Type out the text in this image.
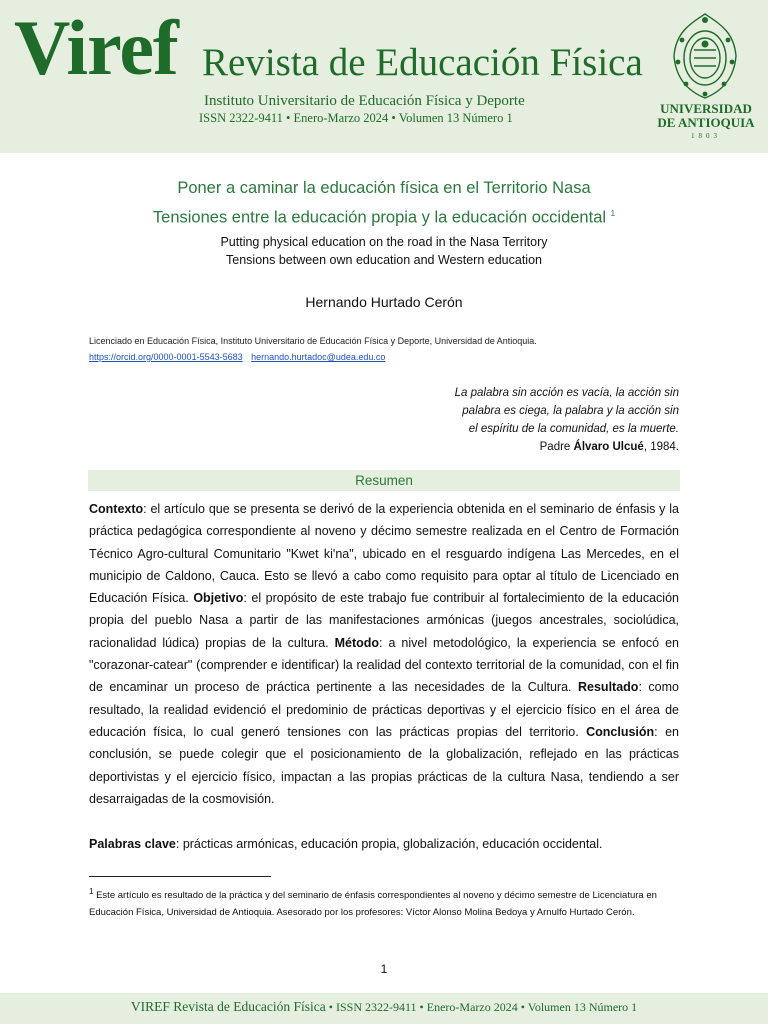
Viref Revista de Educación Física
Instituto Universitario de Educación Física y Deporte
ISSN 2322-9411 • Enero-Marzo 2024 • Volumen 13 Número 1
UNIVERSIDAD
DE ANTIOQUIA
1803
Poner a caminar la educación física en el Territorio Nasa
Tensiones entre la educación propia y la educación occidental $^1$
Putting physical education on the road in the Nasa Territory
Tensions between own education and Western education
Hernando Hurtado Cerón
Licenciado en Educación Física, Instituto Universitario de Educación Física y Deporte, Universidad de Antioquia.
https://orcid.org/0000-0001-5543-5683 hernando.hurtadoc@udea.edu.co
La palabra sin acción es vacía, la acción sin
palabra es ciega, la palabra y la acción sin
el espíritu de la comunidad, es la muerte.
Padre Álvaro Ulcué, 1984.
Resumen
Contexto: el artículo que se presenta se derivó de la experiencia obtenida en el seminario de énfasis y la práctica pedagógica correspondiente al noveno y décimo semestre realizada en el Centro de Formación Técnico Agro-cultural Comunitario "Kwet ki'na", ubicado en el resguardo indígena Las Mercedes, en el municipio de Caldono, Cauca. Esto se llevó a cabo como requisito para optar al título de Licenciado en Educación Física. Objetivo: el propósito de este trabajo fue contribuir al fortalecimiento de la educación propia del pueblo Nasa a partir de las manifestaciones armónicas (juegos ancestrales, sociolúdica, racionalidad lúdica) propias de la cultura. Método: a nivel metodológico, la experiencia se enfocó en "corazonar-catear" (comprender e identificar) la realidad del contexto territorial de la comunidad, con el fin de encaminar un proceso de práctica pertinente a las necesidades de la Cultura. Resultado: como resultado, la realidad evidenció el predominio de prácticas deportivas y el ejercicio físico en el área de educación física, lo cual generó tensiones con las prácticas propias del territorio. Conclusión: en conclusión, se puede colegir que el posicionamiento de la globalización, reflejado en las prácticas deportivistas y el ejercicio físico, impactan a las propias prácticas de la cultura Nasa, tendiendo a ser desarraigadas de la cosmovisión.
Palabras clave: prácticas armónicas, educación propia, globalización, educación occidental.
$^1$ Este artículo es resultado de la práctica y del seminario de énfasis correspondientes al noveno y décimo semestre de Licenciatura en Educación Física, Universidad de Antioquia. Asesorado por los profesores: Víctor Alonso Molina Bedoya y Arnulfo Hurtado Cerón.
1
VIREF Revista de Educación Física • ISSN 2322-9411 • Enero-Marzo 2024 • Volumen 13 Número 1
